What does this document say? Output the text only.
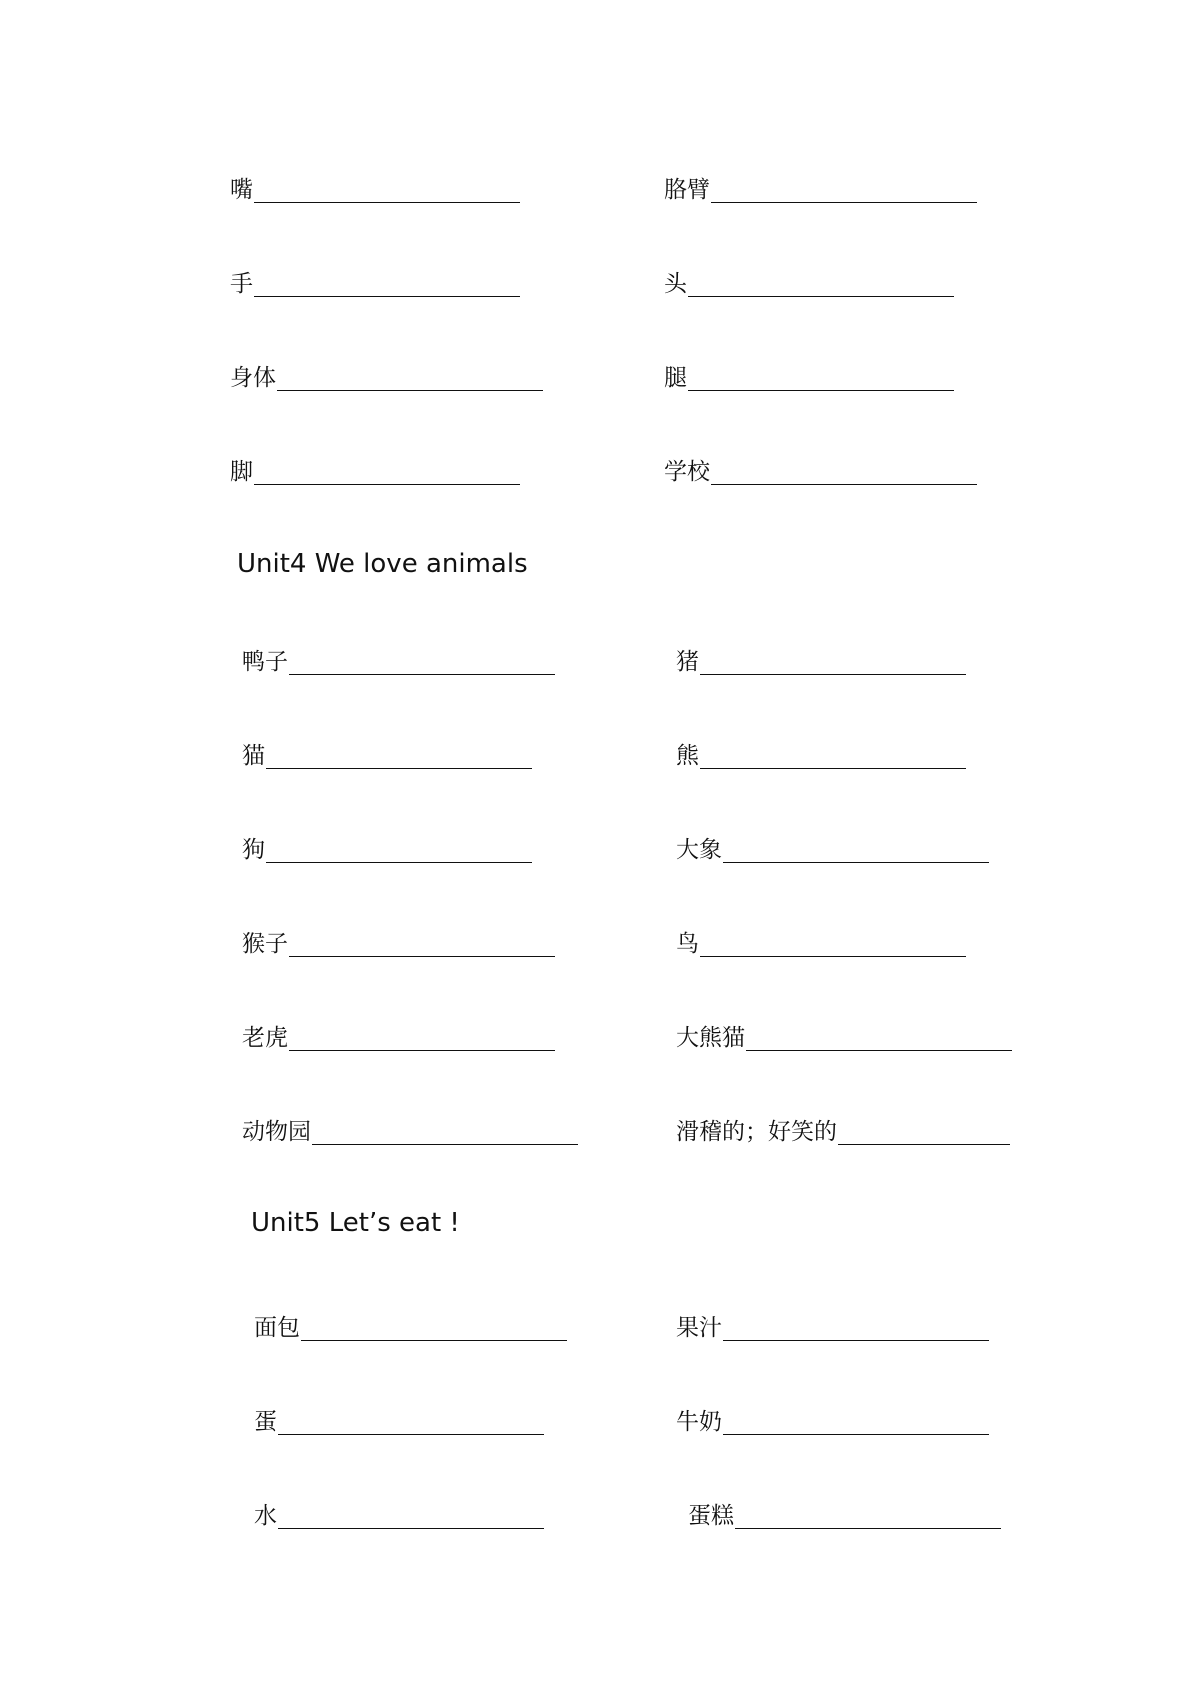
嘴	胳臂
手	头
身体	腿
脚	学校
Unit4 We love animals
鸭子	猪
猫	熊
狗	大象
猴子	鸟
老虎	大熊猫
动物园	滑稽的；好笑的
Unit5 Let’s eat !
面包	果汁
蛋	牛奶
水	蛋糕
